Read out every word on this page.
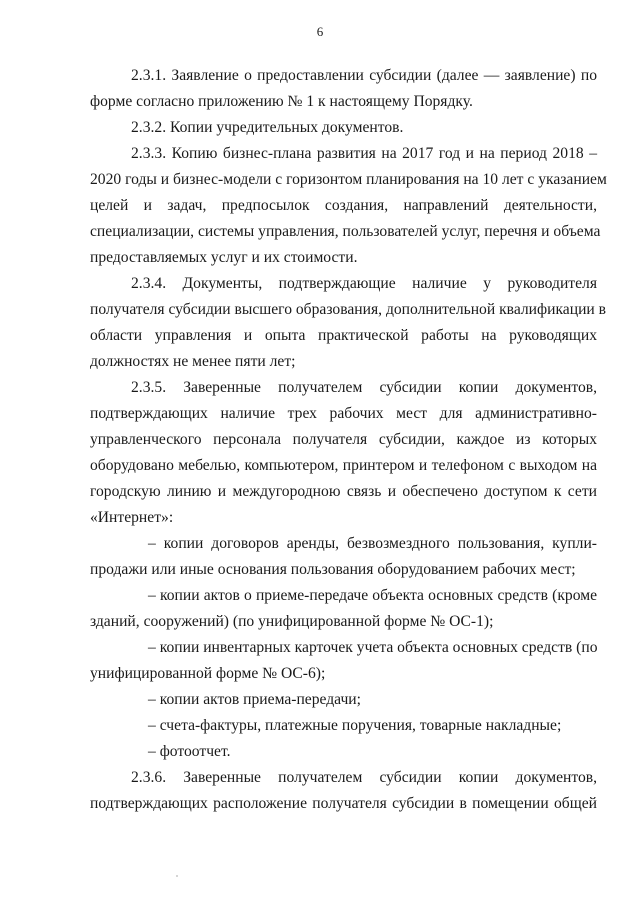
6
2.3.1. Заявление о предоставлении субсидии (далее — заявление) по
форме согласно приложению № 1 к настоящему Порядку.
2.3.2. Копии учредительных документов.
2.3.3. Копию бизнес-плана развития на 2017 год и на период 2018 –
2020 годы и бизнес-модели с горизонтом планирования на 10 лет с указанием
целей и задач, предпосылок создания, направлений деятельности,
специализации, системы управления, пользователей услуг, перечня и объема
предоставляемых услуг и их стоимости.
2.3.4. Документы, подтверждающие наличие у руководителя
получателя субсидии высшего образования, дополнительной квалификации в
области управления и опыта практической работы на руководящих
должностях не менее пяти лет;
2.3.5. Заверенные получателем субсидии копии документов,
подтверждающих наличие трех рабочих мест для административно-
управленческого персонала получателя субсидии, каждое из которых
оборудовано мебелью, компьютером, принтером и телефоном с выходом на
городскую линию и междугородною связь и обеспечено доступом к сети
«Интернет»:
– копии договоров аренды, безвозмездного пользования, купли-
продажи или иные основания пользования оборудованием рабочих мест;
– копии актов о приеме-передаче объекта основных средств (кроме
зданий, сооружений) (по унифицированной форме № ОС-1);
– копии инвентарных карточек учета объекта основных средств (по
унифицированной форме № ОС-6);
– копии актов приема-передачи;
– счета-фактуры, платежные поручения, товарные накладные;
– фотоотчет.
2.3.6. Заверенные получателем субсидии копии документов,
подтверждающих расположение получателя субсидии в помещении общей
